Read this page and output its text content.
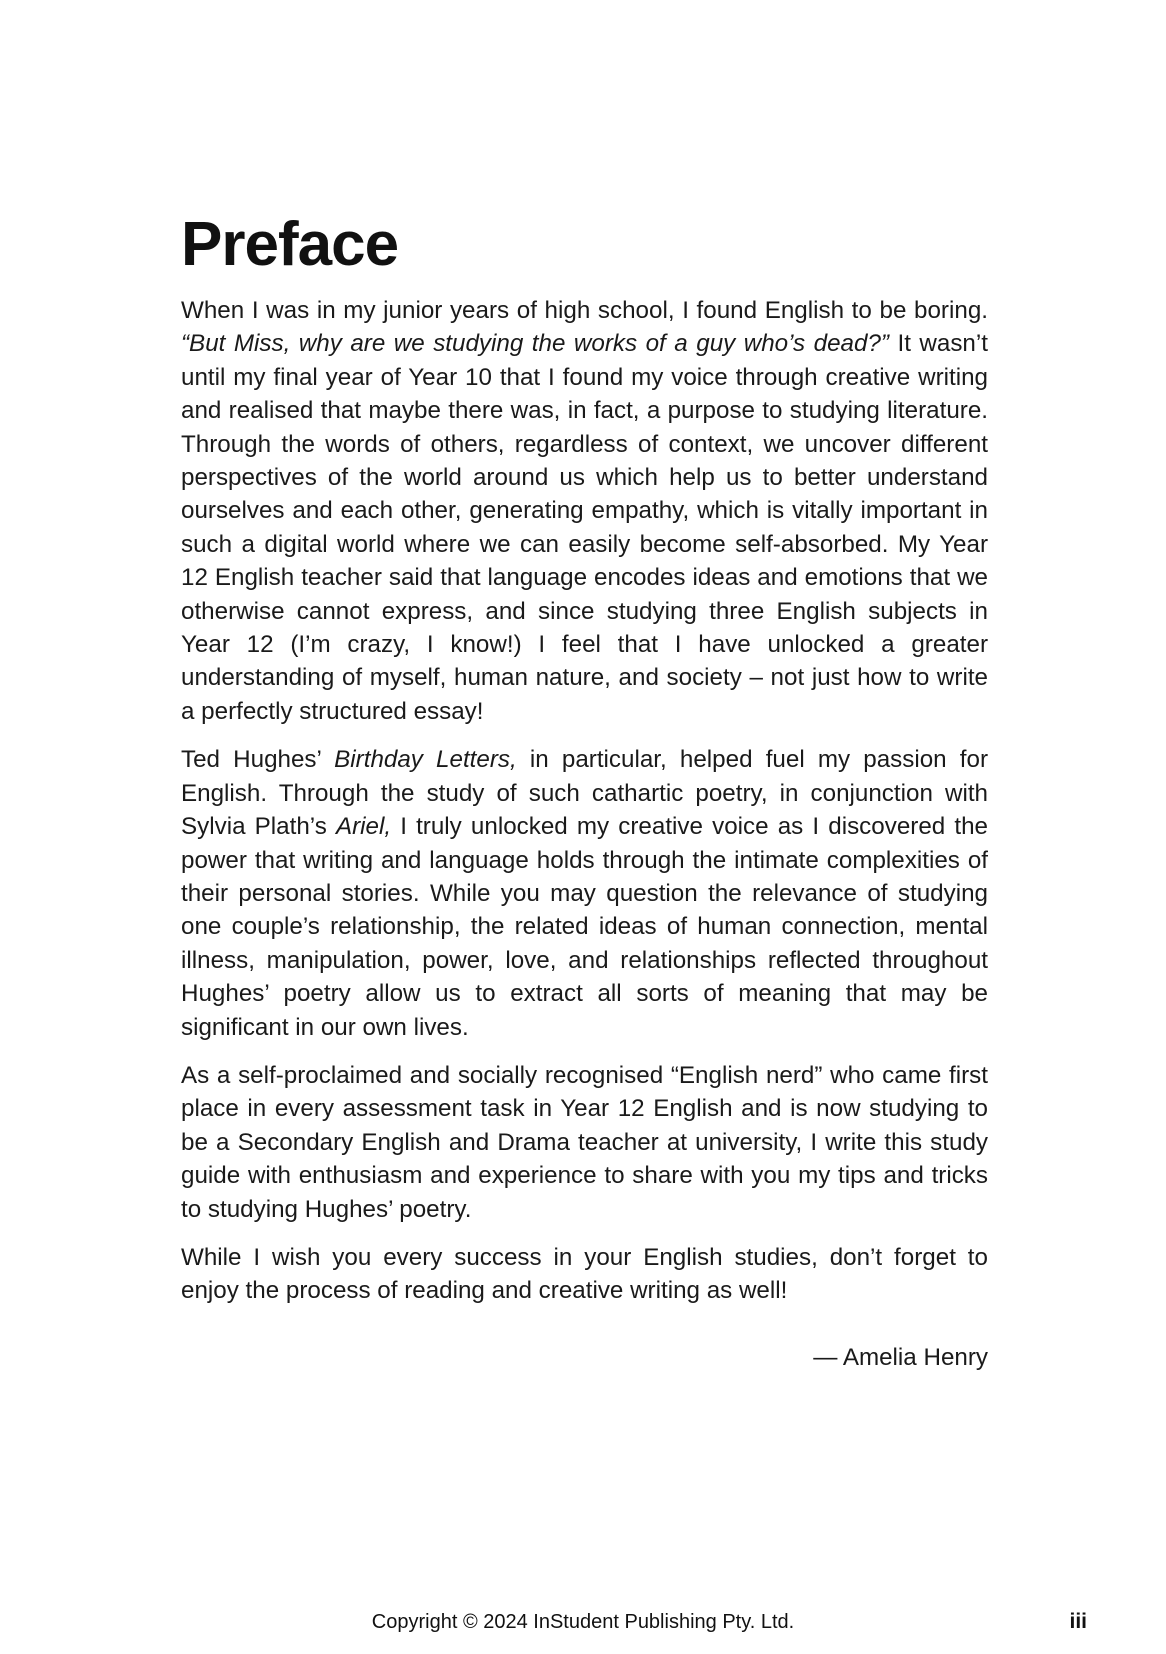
Preface

When I was in my junior years of high school, I found English to be boring. “But Miss, why are we studying the works of a guy who’s dead?” It wasn’t until my final year of Year 10 that I found my voice through creative writing and realised that maybe there was, in fact, a purpose to studying literature. Through the words of others, regardless of context, we uncover different perspectives of the world around us which help us to better understand ourselves and each other, generating empathy, which is vitally important in such a digital world where we can easily become self-absorbed. My Year 12 English teacher said that language encodes ideas and emotions that we otherwise cannot express, and since studying three English subjects in Year 12 (I’m crazy, I know!) I feel that I have unlocked a greater understanding of myself, human nature, and society – not just how to write a perfectly structured essay!

Ted Hughes’ Birthday Letters, in particular, helped fuel my passion for English. Through the study of such cathartic poetry, in conjunction with Sylvia Plath’s Ariel, I truly unlocked my creative voice as I discovered the power that writing and language holds through the intimate complexities of their personal stories. While you may question the relevance of studying one couple’s relationship, the related ideas of human connection, mental illness, manipulation, power, love, and relationships reflected throughout Hughes’ poetry allow us to extract all sorts of meaning that may be significant in our own lives.

As a self-proclaimed and socially recognised “English nerd” who came first place in every assessment task in Year 12 English and is now studying to be a Secondary English and Drama teacher at university, I write this study guide with enthusiasm and experience to share with you my tips and tricks to studying Hughes’ poetry.

While I wish you every success in your English studies, don’t forget to enjoy the process of reading and creative writing as well!

— Amelia Henry

Copyright © 2024 InStudent Publishing Pty. Ltd.	iii
